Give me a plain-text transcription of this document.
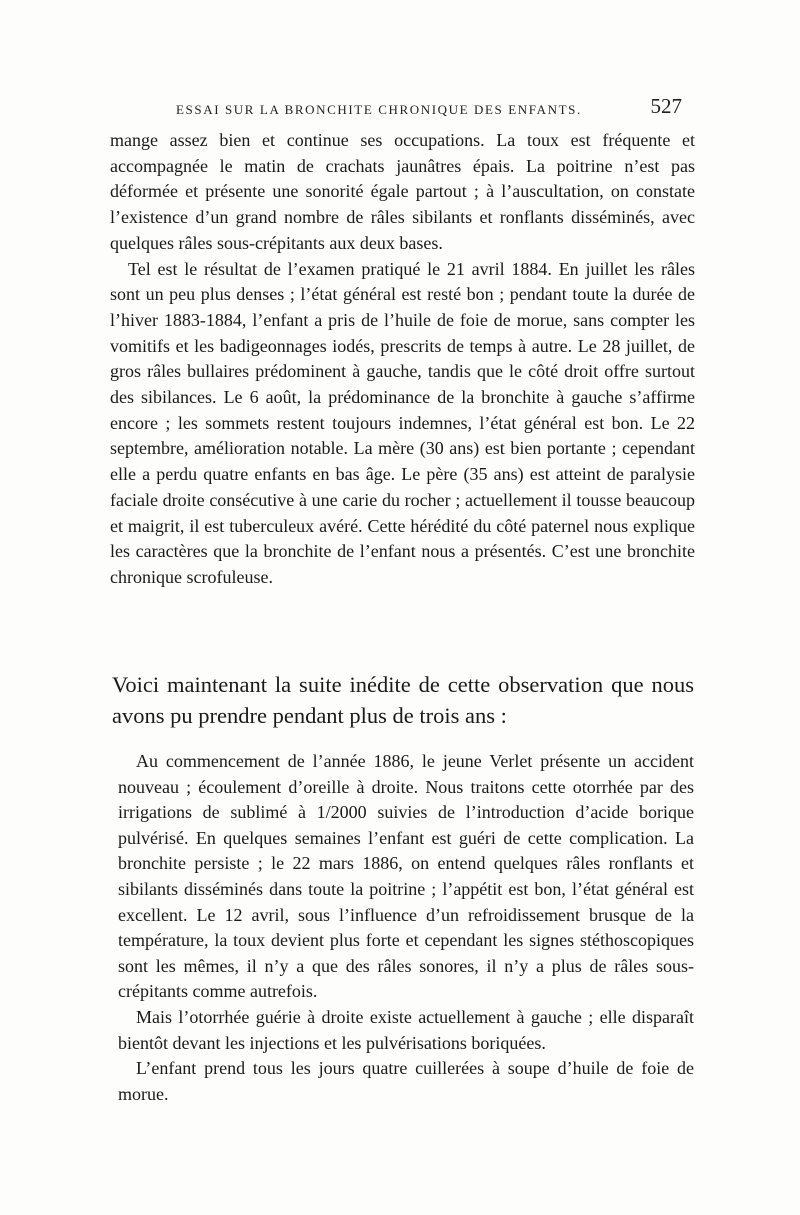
ESSAI SUR LA BRONCHITE CHRONIQUE DES ENFANTS.	527

mange assez bien et continue ses occupations. La toux est fréquente et accompagnée le matin de crachats jaunâtres épais. La poitrine n’est pas déformée et présente une sonorité égale partout ; à l’auscultation, on constate l’existence d’un grand nombre de râles sibilants et ronflants disséminés, avec quelques râles sous-crépitants aux deux bases.

Tel est le résultat de l’examen pratiqué le 21 avril 1884. En juillet les râles sont un peu plus denses ; l’état général est resté bon ; pendant toute la durée de l’hiver 1883-1884, l’enfant a pris de l’huile de foie de morue, sans compter les vomitifs et les badigeonnages iodés, prescrits de temps à autre. Le 28 juillet, de gros râles bullaires prédominent à gauche, tandis que le côté droit offre surtout des sibilances. Le 6 août, la prédominance de la bronchite à gauche s’affirme encore ; les sommets restent toujours indemnes, l’état général est bon. Le 22 septembre, amélioration notable. La mère (30 ans) est bien portante ; cependant elle a perdu quatre enfants en bas âge. Le père (35 ans) est atteint de paralysie faciale droite consécutive à une carie du rocher ; actuellement il tousse beaucoup et maigrit, il est tuberculeux avéré. Cette hérédité du côté paternel nous explique les caractères que la bronchite de l’enfant nous a présentés. C’est une bronchite chronique scrofuleuse.

Voici maintenant la suite inédite de cette observation que nous avons pu prendre pendant plus de trois ans :

Au commencement de l’année 1886, le jeune Verlet présente un accident nouveau ; écoulement d’oreille à droite. Nous traitons cette otorrhée par des irrigations de sublimé à 1/2000 suivies de l’introduction d’acide borique pulvérisé. En quelques semaines l’enfant est guéri de cette complication. La bronchite persiste ; le 22 mars 1886, on entend quelques râles ronflants et sibilants disséminés dans toute la poitrine ; l’appétit est bon, l’état général est excellent. Le 12 avril, sous l’influence d’un refroidissement brusque de la température, la toux devient plus forte et cependant les signes stéthoscopiques sont les mêmes, il n’y a que des râles sonores, il n’y a plus de râles sous-crépitants comme autrefois.

Mais l’otorrhée guérie à droite existe actuellement à gauche ; elle disparaît bientôt devant les injections et les pulvérisations boriquées.

L’enfant prend tous les jours quatre cuillerées à soupe d’huile de foie de morue.
